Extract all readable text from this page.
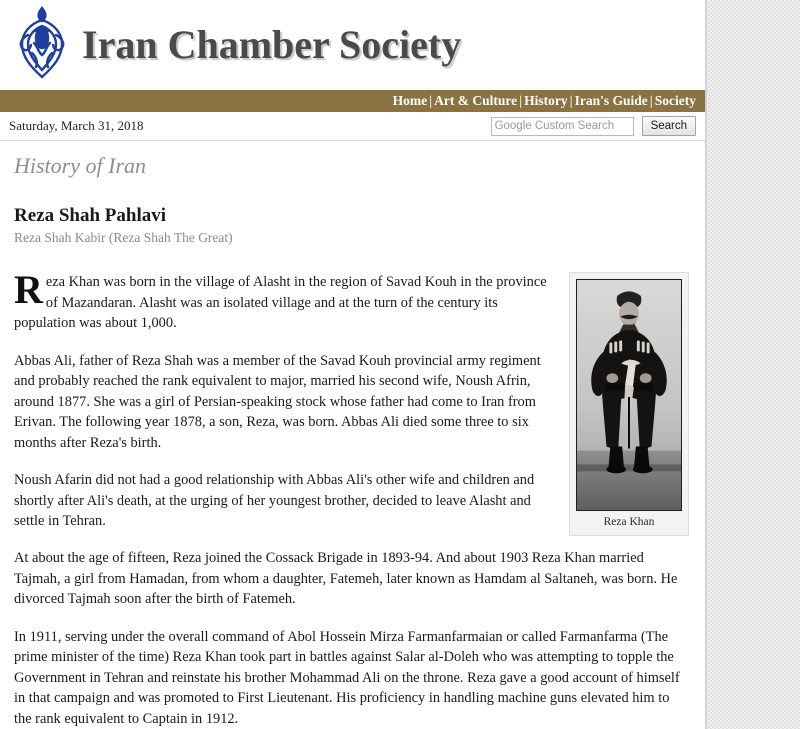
Iran Chamber Society
Home | Art & Culture | History | Iran's Guide | Society
Saturday, March 31, 2018
Google Custom Search	Search
History of Iran
Reza Shah Pahlavi
Reza Shah Kabir (Reza Shah The Great)
Reza Khan

Reza Khan was born in the village of Alasht in the region of Savad Kouh in the province of Mazandaran. Alasht was an isolated village and at the turn of the century its population was about 1,000.

Abbas Ali, father of Reza Shah was a member of the Savad Kouh provincial army regiment and probably reached the rank equivalent to major, married his second wife, Noush Afrin, around 1877. She was a girl of Persian-speaking stock whose father had come to Iran from Erivan. The following year 1878, a son, Reza, was born. Abbas Ali died some three to six months after Reza's birth.

Noush Afarin did not had a good relationship with Abbas Ali's other wife and children and shortly after Ali's death, at the urging of her youngest brother, decided to leave Alasht and settle in Tehran.

At about the age of fifteen, Reza joined the Cossack Brigade in 1893-94. And about 1903 Reza Khan married Tajmah, a girl from Hamadan, from whom a daughter, Fatemeh, later known as Hamdam al Saltaneh, was born. He divorced Tajmah soon after the birth of Fatemeh.

In 1911, serving under the overall command of Abol Hossein Mirza Farmanfarmaian or called Farmanfarma (The prime minister of the time) Reza Khan took part in battles against Salar al-Doleh who was attempting to topple the Government in Tehran and reinstate his brother Mohammad Ali on the throne. Reza gave a good account of himself in that campaign and was promoted to First Lieutenant. His proficiency in handling machine guns elevated him to the rank equivalent to Captain in 1912.
